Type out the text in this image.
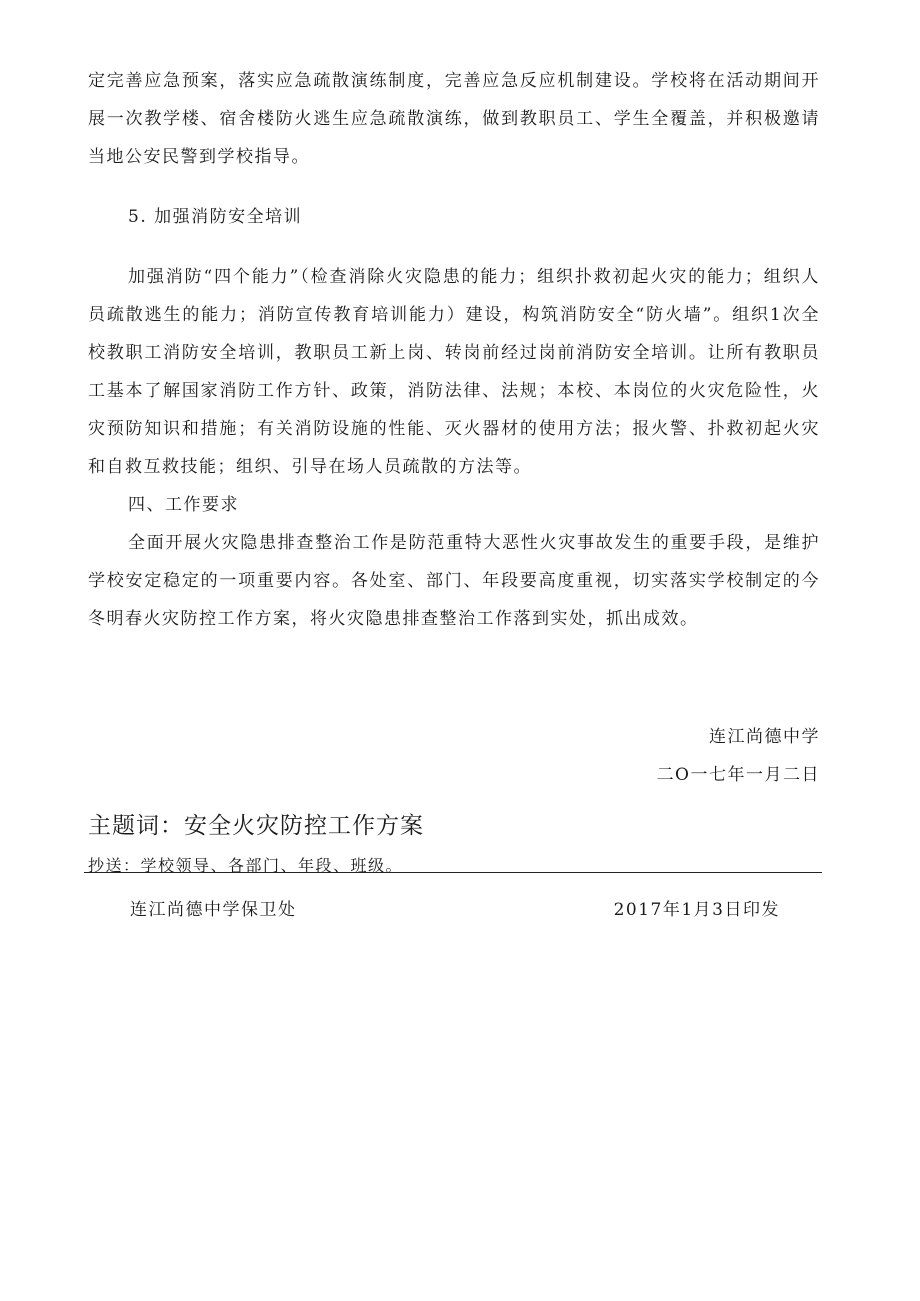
定完善应急预案，落实应急疏散演练制度，完善应急反应机制建设。学校将在活动期间开展一次教学楼、宿舍楼防火逃生应急疏散演练，做到教职员工、学生全覆盖，并积极邀请当地公安民警到学校指导。

5. 加强消防安全培训

加强消防“四个能力”（检查消除火灾隐患的能力；组织扑救初起火灾的能力；组织人员疏散逃生的能力；消防宣传教育培训能力）建设，构筑消防安全“防火墙”。组织1次全校教职工消防安全培训，教职员工新上岗、转岗前经过岗前消防安全培训。让所有教职员工基本了解国家消防工作方针、政策，消防法律、法规；本校、本岗位的火灾危险性，火灾预防知识和措施；有关消防设施的性能、灭火器材的使用方法；报火警、扑救初起火灾和自救互救技能；组织、引导在场人员疏散的方法等。

四、工作要求

全面开展火灾隐患排查整治工作是防范重特大恶性火灾事故发生的重要手段，是维护学校安定稳定的一项重要内容。各处室、部门、年段要高度重视，切实落实学校制定的今冬明春火灾防控工作方案，将火灾隐患排查整治工作落到实处，抓出成效。

连江尚德中学
二O一七年一月二日
主题词：安全火灾防控工作方案
抄送：学校领导、各部门、年段、班级。
连江尚德中学保卫处	2017年1月3日印发
